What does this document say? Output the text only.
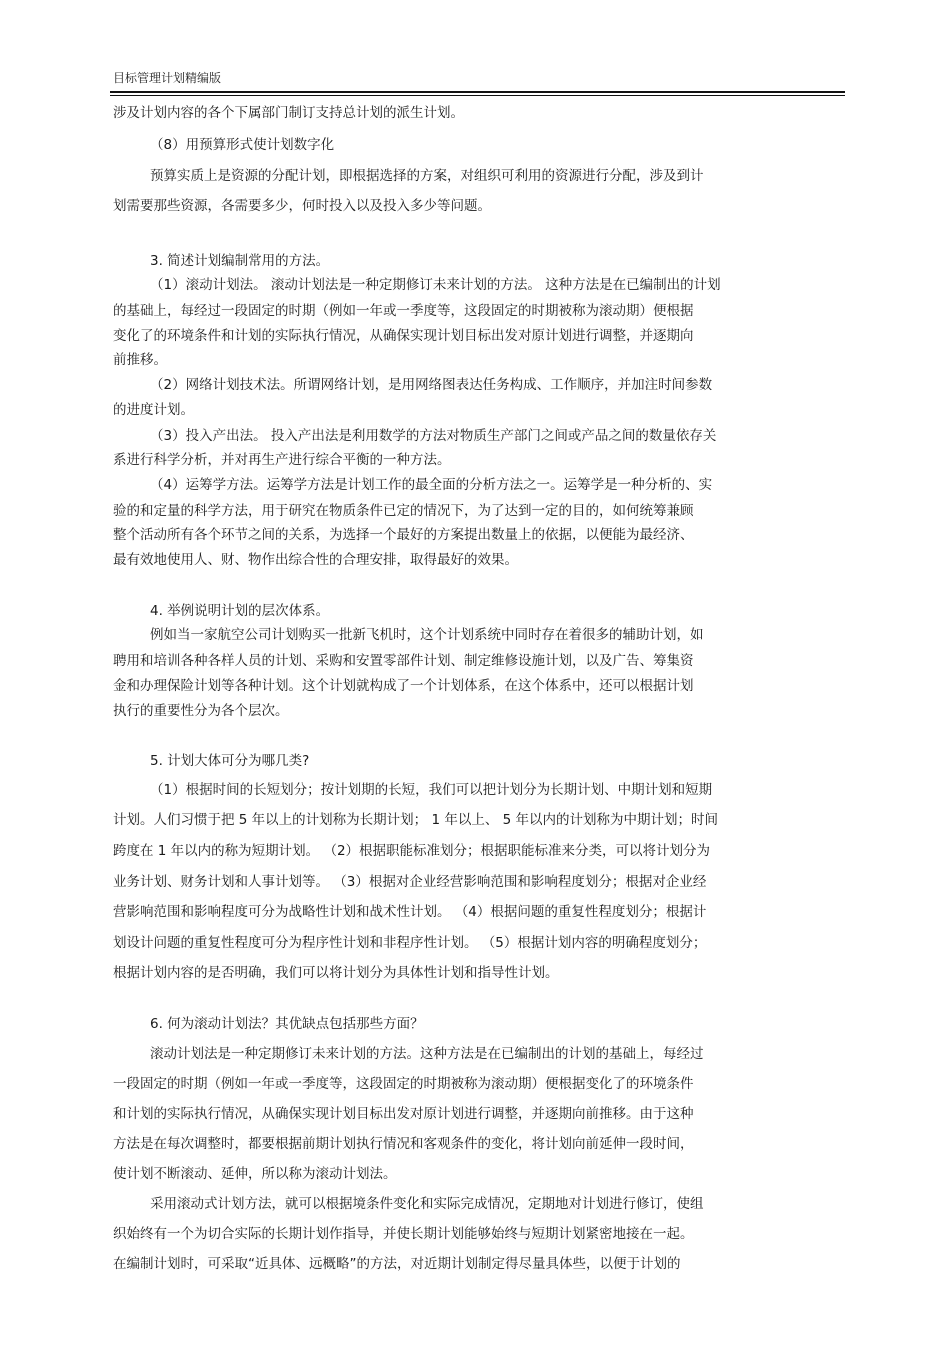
目标管理计划精编版
涉及计划内容的各个下属部门制订支持总计划的派生计划。
（8）用预算形式使计划数字化
预算实质上是资源的分配计划，即根据选择的方案，对组织可利用的资源进行分配，涉及到计
划需要那些资源，各需要多少，何时投入以及投入多少等问题。
3. 简述计划编制常用的方法。
（1）滚动计划法。 滚动计划法是一种定期修订未来计划的方法。 这种方法是在已编制出的计划
的基础上，每经过一段固定的时期（例如一年或一季度等，这段固定的时期被称为滚动期）便根据
变化了的环境条件和计划的实际执行情况，从确保实现计划目标出发对原计划进行调整，并逐期向
前推移。
（2）网络计划技术法。所谓网络计划，是用网络图表达任务构成、工作顺序，并加注时间参数
的进度计划。
（3）投入产出法。 投入产出法是利用数学的方法对物质生产部门之间或产品之间的数量依存关
系进行科学分析，并对再生产进行综合平衡的一种方法。
（4）运筹学方法。运筹学方法是计划工作的最全面的分析方法之一。运筹学是一种分析的、实
验的和定量的科学方法，用于研究在物质条件已定的情况下，为了达到一定的目的，如何统筹兼顾
整个活动所有各个环节之间的关系，为选择一个最好的方案提出数量上的依据，以便能为最经济、
最有效地使用人、财、物作出综合性的合理安排，取得最好的效果。
4. 举例说明计划的层次体系。
例如当一家航空公司计划购买一批新飞机时，这个计划系统中同时存在着很多的辅助计划，如
聘用和培训各种各样人员的计划、采购和安置零部件计划、制定维修设施计划，以及广告、筹集资
金和办理保险计划等各种计划。这个计划就构成了一个计划体系，在这个体系中，还可以根据计划
执行的重要性分为各个层次。
5. 计划大体可分为哪几类?
（1）根据时间的长短划分；按计划期的长短，我们可以把计划分为长期计划、中期计划和短期
计划。人们习惯于把 5 年以上的计划称为长期计划； 1 年以上、 5 年以内的计划称为中期计划；时间
跨度在 1 年以内的称为短期计划。 （2）根据职能标准划分；根据职能标准来分类，可以将计划分为
业务计划、财务计划和人事计划等。 （3）根据对企业经营影响范围和影响程度划分；根据对企业经
营影响范围和影响程度可分为战略性计划和战术性计划。 （4）根据问题的重复性程度划分；根据计
划设计问题的重复性程度可分为程序性计划和非程序性计划。 （5）根据计划内容的明确程度划分；
根据计划内容的是否明确，我们可以将计划分为具体性计划和指导性计划。
6. 何为滚动计划法？其优缺点包括那些方面？
滚动计划法是一种定期修订未来计划的方法。这种方法是在已编制出的计划的基础上，每经过
一段固定的时期（例如一年或一季度等，这段固定的时期被称为滚动期）便根据变化了的环境条件
和计划的实际执行情况，从确保实现计划目标出发对原计划进行调整，并逐期向前推移。由于这种
方法是在每次调整时，都要根据前期计划执行情况和客观条件的变化，将计划向前延伸一段时间，
使计划不断滚动、延伸，所以称为滚动计划法。
采用滚动式计划方法，就可以根据境条件变化和实际完成情况，定期地对计划进行修订，使组
织始终有一个为切合实际的长期计划作指导，并使长期计划能够始终与短期计划紧密地接在一起。
在编制计划时，可采取“近具体、远概略”的方法，对近期计划制定得尽量具体些，以便于计划的
